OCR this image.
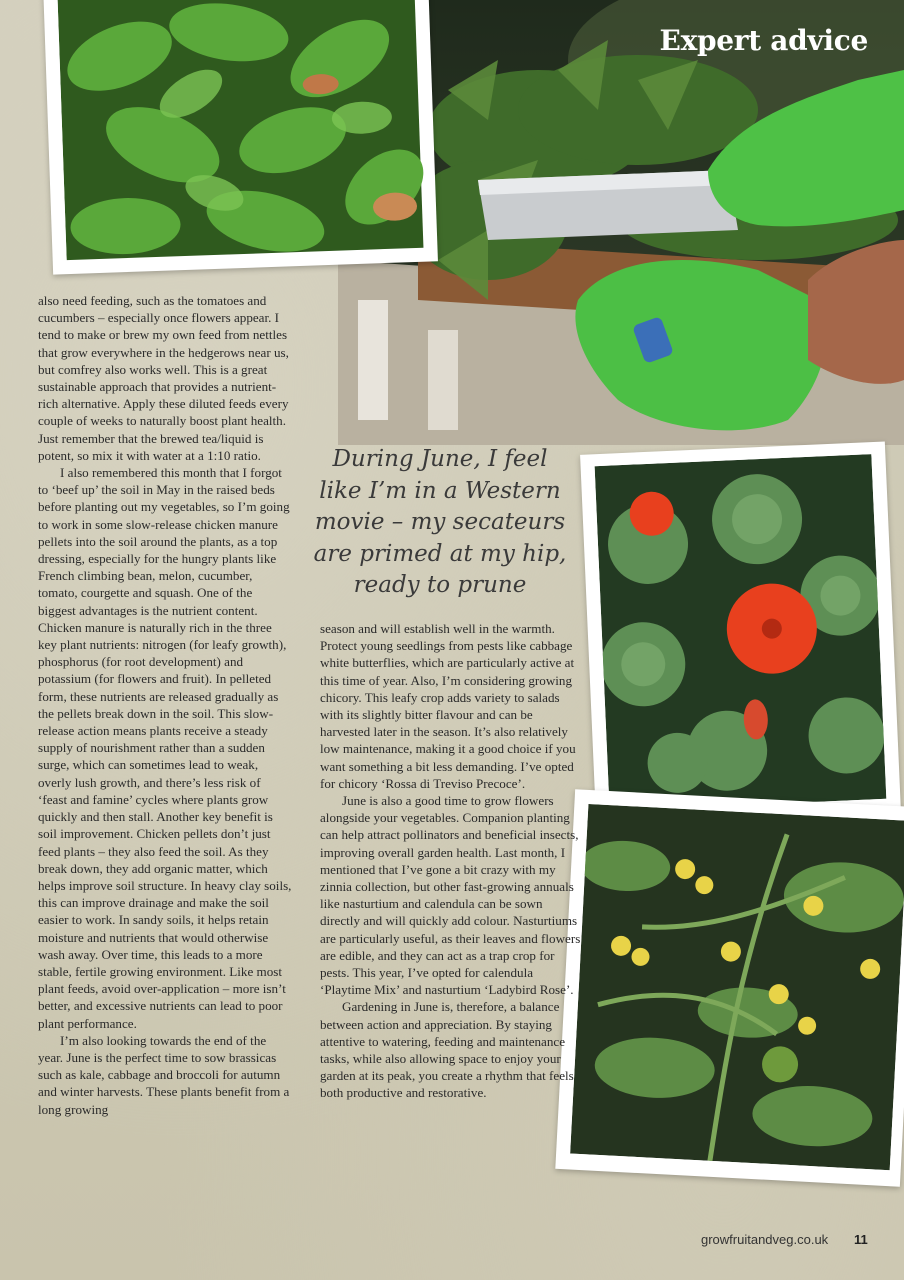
Expert advice
During June, I feel like I’m in a Western movie – my secateurs are primed at my hip, ready to prune

also need feeding, such as the tomatoes and cucumbers – especially once flowers appear. I tend to make or brew my own feed from nettles that grow everywhere in the hedgerows near us, but comfrey also works well. This is a great sustainable approach that provides a nutrient-rich alternative. Apply these diluted feeds every couple of weeks to naturally boost plant health. Just remember that the brewed tea/liquid is potent, so mix it with water at a 1:10 ratio.

I also remembered this month that I forgot to ‘beef up’ the soil in May in the raised beds before planting out my vegetables, so I’m going to work in some slow-release chicken manure pellets into the soil around the plants, as a top dressing, especially for the hungry plants like French climbing bean, melon, cucumber, tomato, courgette and squash. One of the biggest advantages is the nutrient content. Chicken manure is naturally rich in the three key plant nutrients: nitrogen (for leafy growth), phosphorus (for root development) and potassium (for flowers and fruit). In pelleted form, these nutrients are released gradually as the pellets break down in the soil. This slow-release action means plants receive a steady supply of nourishment rather than a sudden surge, which can sometimes lead to weak, overly lush growth, and there’s less risk of ‘feast and famine’ cycles where plants grow quickly and then stall. Another key benefit is soil improvement. Chicken pellets don’t just feed plants – they also feed the soil. As they break down, they add organic matter, which helps improve soil structure. In heavy clay soils, this can improve drainage and make the soil easier to work. In sandy soils, it helps retain moisture and nutrients that would otherwise wash away. Over time, this leads to a more stable, fertile growing environment. Like most plant feeds, avoid over-application – more isn’t better, and excessive nutrients can lead to poor plant performance.

I’m also looking towards the end of the year. June is the perfect time to sow brassicas such as kale, cabbage and broccoli for autumn and winter harvests. These plants benefit from a long growing

season and will establish well in the warmth. Protect young seedlings from pests like cabbage white butterflies, which are particularly active at this time of year. Also, I’m considering growing chicory. This leafy crop adds variety to salads with its slightly bitter flavour and can be harvested later in the season. It’s also relatively low maintenance, making it a good choice if you want something a bit less demanding. I’ve opted for chicory ‘Rossa di Treviso Precoce’.

June is also a good time to grow flowers alongside your vegetables. Companion planting can help attract pollinators and beneficial insects, improving overall garden health. Last month, I mentioned that I’ve gone a bit crazy with my zinnia collection, but other fast-growing annuals like nasturtium and calendula can be sown directly and will quickly add colour. Nasturtiums are particularly useful, as their leaves and flowers are edible, and they can act as a trap crop for pests. This year, I’ve opted for calendula ‘Playtime Mix’ and nasturtium ‘Ladybird Rose’.

Gardening in June is, therefore, a balance between action and appreciation. By staying attentive to watering, feeding and maintenance tasks, while also allowing space to enjoy your garden at its peak, you create a rhythm that feels both productive and restorative.

growfruitandveg.co.uk 11
